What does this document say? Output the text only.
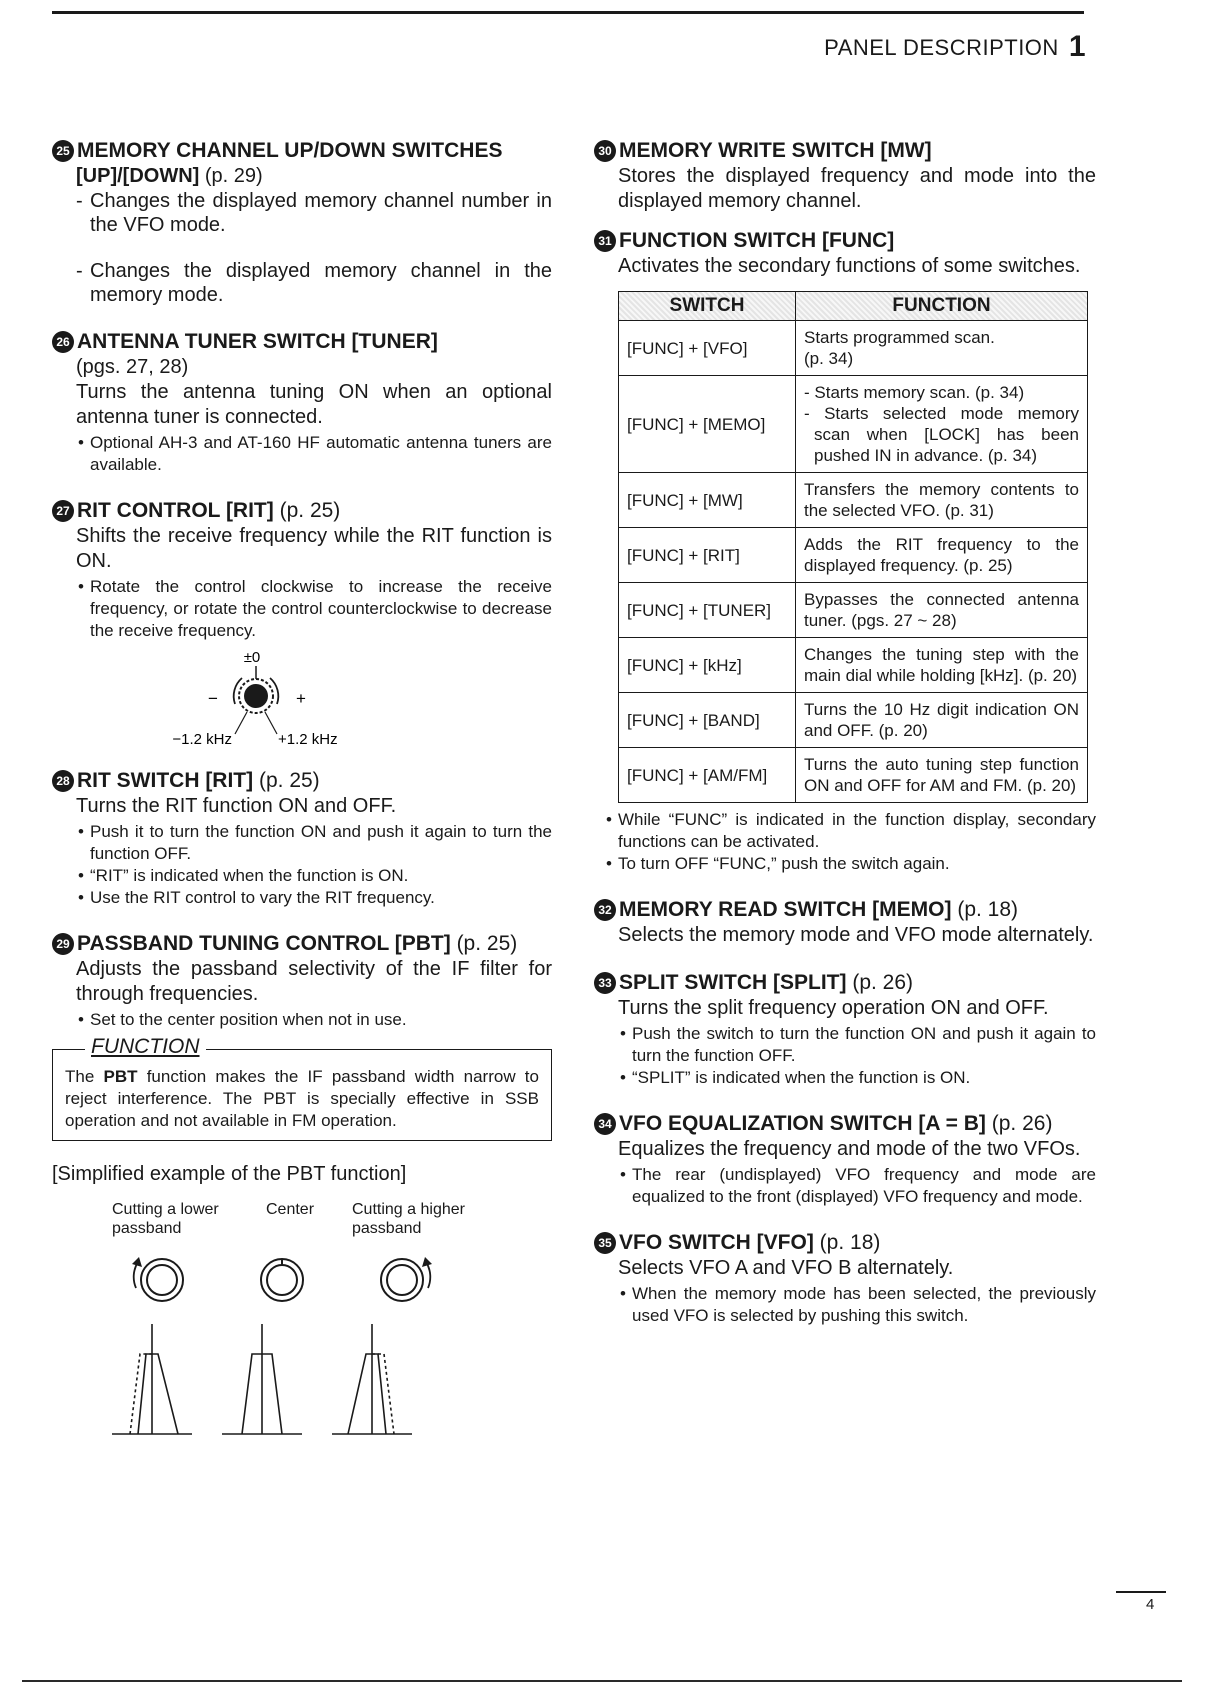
PANEL DESCRIPTION 1
25 MEMORY CHANNEL UP/DOWN SWITCHES
[UP]/[DOWN] (p. 29)
- Changes the displayed memory channel number in the VFO mode.
- Changes the displayed memory channel in the memory mode.
26 ANTENNA TUNER SWITCH [TUNER]
(pgs. 27, 28)
Turns the antenna tuning ON when an optional antenna tuner is connected.
• Optional AH-3 and AT-160 HF automatic antenna tuners are available.
27 RIT CONTROL [RIT] (p. 25)
Shifts the receive frequency while the RIT function is ON.
• Rotate the control clockwise to increase the receive frequency, or rotate the control counterclockwise to decrease the receive frequency.
±0
−	+
−1.2 kHz	+1.2 kHz
28 RIT SWITCH [RIT] (p. 25)
Turns the RIT function ON and OFF.
• Push it to turn the function ON and push it again to turn the function OFF.
• “RIT” is indicated when the function is ON.
• Use the RIT control to vary the RIT frequency.
29 PASSBAND TUNING CONTROL [PBT] (p. 25)
Adjusts the passband selectivity of the IF filter for through frequencies.
• Set to the center position when not in use.
FUNCTION
The PBT function makes the IF passband width narrow to reject interference. The PBT is specially effective in SSB operation and not available in FM operation.
[Simplified example of the PBT function]
Cutting a lower passband
Center Cutting a higher passband
30 MEMORY WRITE SWITCH [MW]
Stores the displayed frequency and mode into the displayed memory channel.
31 FUNCTION SWITCH [FUNC]
Activates the secondary functions of some switches.
SWITCH	FUNCTION
[FUNC] + [VFO]	Starts programmed scan.
(p. 34)

[FUNC] + [MEMO]	- Starts memory scan. (p. 34)
- Starts selected mode memory scan when [LOCK] has been pushed IN in advance. (p. 34)

[FUNC] + [MW]	Transfers the memory contents to the selected VFO. (p. 31)
[FUNC] + [RIT]	Adds the RIT frequency to the displayed frequency. (p. 25)
[FUNC] + [TUNER]	Bypasses the connected antenna tuner. (pgs. 27 ~ 28)
[FUNC] + [kHz]	Changes the tuning step with the main dial while holding [kHz]. (p. 20)
[FUNC] + [BAND]	Turns the 10 Hz digit indication ON and OFF. (p. 20)
[FUNC] + [AM/FM]	Turns the auto tuning step function ON and OFF for AM and FM. (p. 20)
• While “FUNC” is indicated in the function display, secondary functions can be activated.
• To turn OFF “FUNC,” push the switch again.
32 MEMORY READ SWITCH [MEMO] (p. 18)
Selects the memory mode and VFO mode alternately.
33 SPLIT SWITCH [SPLIT] (p. 26)
Turns the split frequency operation ON and OFF.
• Push the switch to turn the function ON and push it again to turn the function OFF.
• “SPLIT” is indicated when the function is ON.
34 VFO EQUALIZATION SWITCH [A = B] (p. 26)
Equalizes the frequency and mode of the two VFOs.
• The rear (undisplayed) VFO frequency and mode are equalized to the front (displayed) VFO frequency and mode.
35 VFO SWITCH [VFO] (p. 18)
Selects VFO A and VFO B alternately.
• When the memory mode has been selected, the previously used VFO is selected by pushing this switch.
4
